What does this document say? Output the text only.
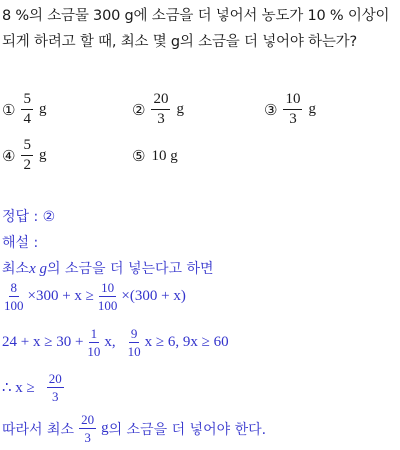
8 %의 소금물 300 g에 소금을 더 넣어서 농도가 10 % 이상이
되게 하려고 할 때, 최소 몇 g의 소금을 더 넣어야 하는가?
① $\frac{5}{4}$ g	② $\frac{20}{3}$ g	③ $\frac{10}{3}$ g
④ $\frac{5}{2}$ g	⑤ 10 g
정답 : ②
해설 :
최소 x g 의 소금을 더 넣는다고 하면
$\frac{8}{100} \times 300 + x \ge \frac{10}{100} \times(300 + x)$
$24 + x \ge 30 + \frac{1}{10} x$, $\frac{9}{10}$ x ≥ 6, 9x ≥ 60
∴ $x \ge \frac{20}{3}$
따라서 최소 $\frac{20}{3}$ g 의 소금을 더 넣어야 한다.
